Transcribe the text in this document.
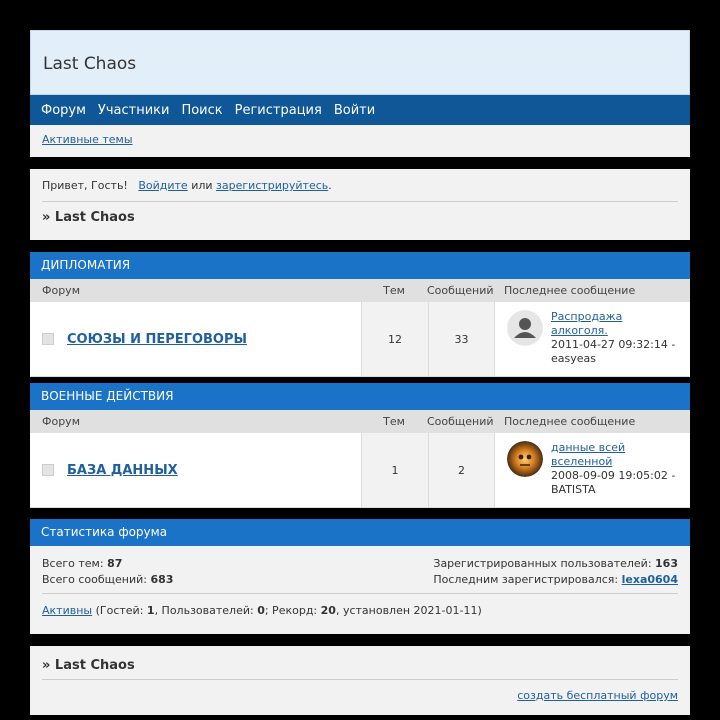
Last Chaos
Форум Участники Поиск Регистрация Войти
Активные темы
Привет, Гость! Войдите или зарегистрируйтесь.
» Last Chaos
ДИПЛОМАТИЯ
Форум	Тем	Сообщений Последнее сообщение
СОЮЗЫ И ПЕРЕГОВОРЫ	12	33
Распродажа алкоголя.
2011-04-27 09:32:14 -
easyeas
ВОЕННЫЕ ДЕЙСТВИЯ
Форум	Тем	Сообщений Последнее сообщение
БАЗА ДАННЫХ	1	2
данные всей вселенной
2008-09-09 19:05:02 -
BATISTA
Статистика форума
Всего тем: 87
Всего сообщений: 683
Зарегистрированных пользователей: 163
Последним зарегистрировался: lexa0604
Активны (Гостей: 1, Пользователей: 0; Рекорд: 20, установлен 2021-01-11)
» Last Chaos
создать бесплатный форум
